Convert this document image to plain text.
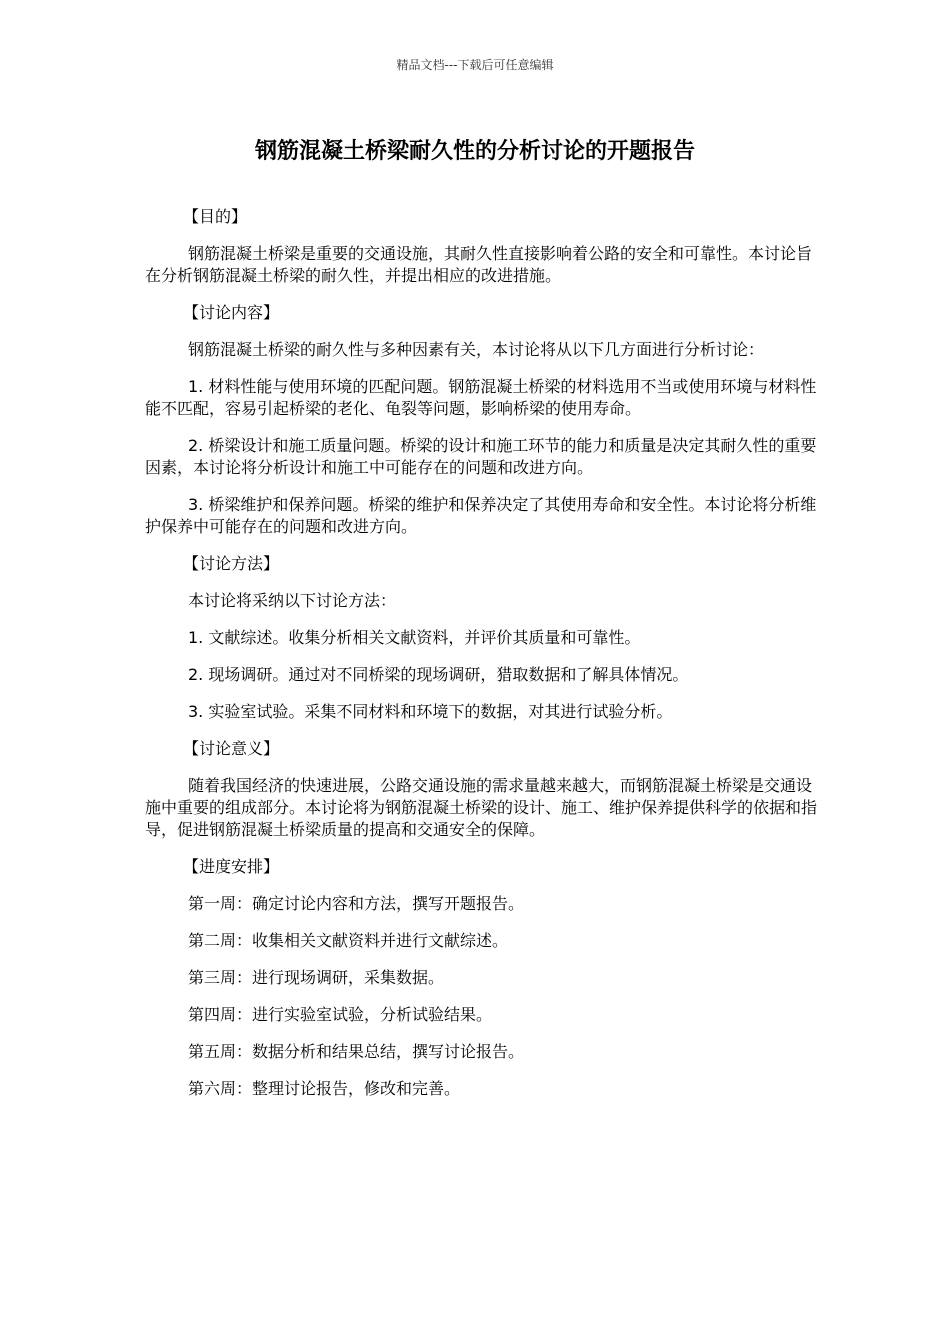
精品文档---下载后可任意编辑
钢筋混凝土桥梁耐久性的分析讨论的开题报告

【目的】

钢筋混凝土桥梁是重要的交通设施，其耐久性直接影响着公路的安全和可靠性。本讨论旨在分析钢筋混凝土桥梁的耐久性，并提出相应的改进措施。

【讨论内容】

钢筋混凝土桥梁的耐久性与多种因素有关，本讨论将从以下几方面进行分析讨论：

1. 材料性能与使用环境的匹配问题。钢筋混凝土桥梁的材料选用不当或使用环境与材料性能不匹配，容易引起桥梁的老化、龟裂等问题，影响桥梁的使用寿命。

2. 桥梁设计和施工质量问题。桥梁的设计和施工环节的能力和质量是决定其耐久性的重要因素，本讨论将分析设计和施工中可能存在的问题和改进方向。

3. 桥梁维护和保养问题。桥梁的维护和保养决定了其使用寿命和安全性。本讨论将分析维护保养中可能存在的问题和改进方向。

【讨论方法】

本讨论将采纳以下讨论方法：

1. 文献综述。收集分析相关文献资料，并评价其质量和可靠性。

2. 现场调研。通过对不同桥梁的现场调研，猎取数据和了解具体情况。

3. 实验室试验。采集不同材料和环境下的数据，对其进行试验分析。

【讨论意义】

随着我国经济的快速进展，公路交通设施的需求量越来越大，而钢筋混凝土桥梁是交通设施中重要的组成部分。本讨论将为钢筋混凝土桥梁的设计、施工、维护保养提供科学的依据和指导，促进钢筋混凝土桥梁质量的提高和交通安全的保障。

【进度安排】

第一周：确定讨论内容和方法，撰写开题报告。

第二周：收集相关文献资料并进行文献综述。

第三周：进行现场调研，采集数据。

第四周：进行实验室试验，分析试验结果。

第五周：数据分析和结果总结，撰写讨论报告。

第六周：整理讨论报告，修改和完善。
